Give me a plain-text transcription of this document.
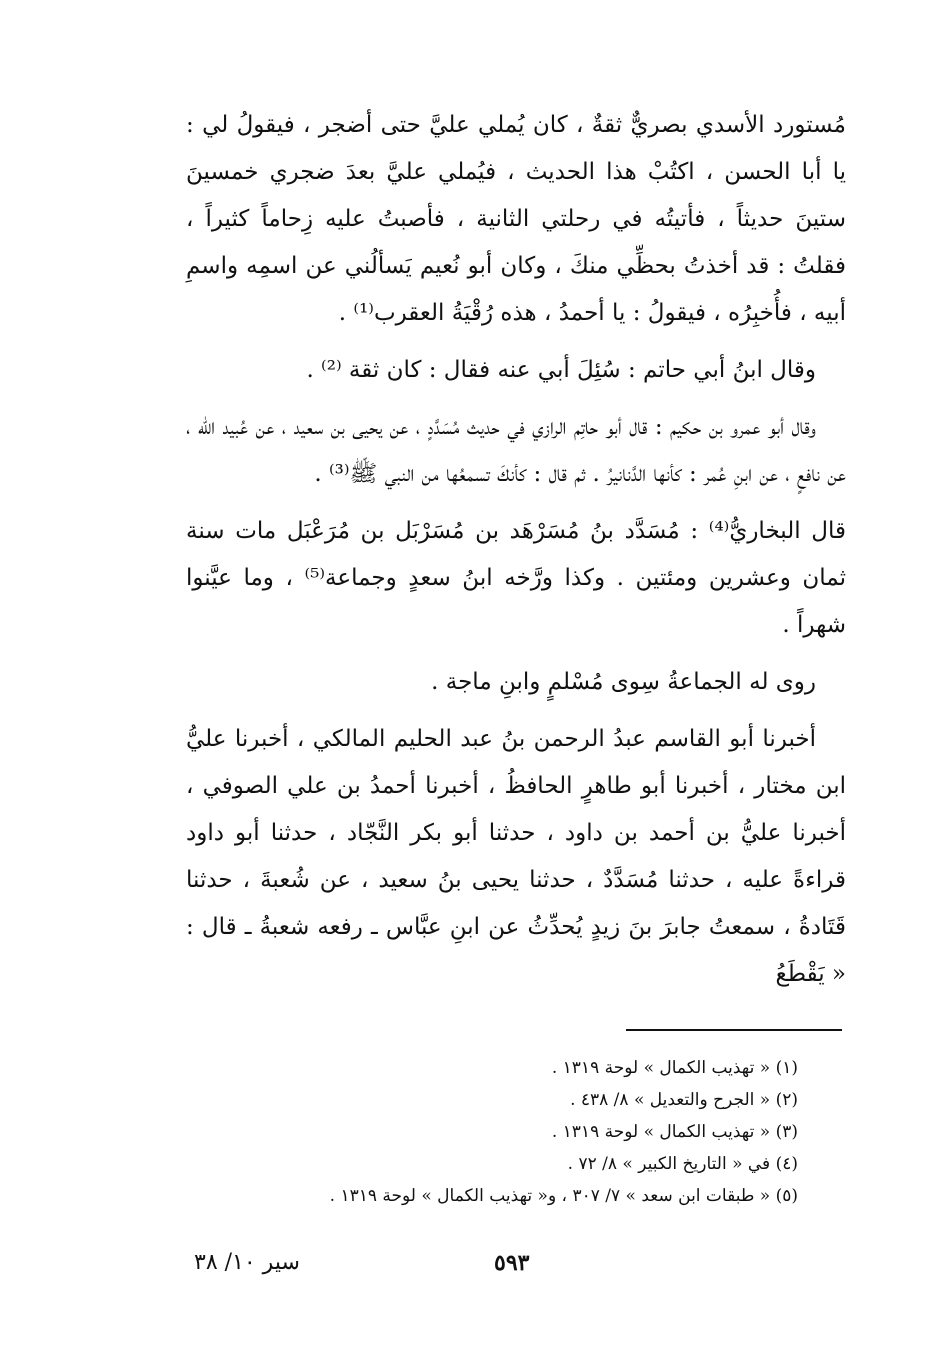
مُستورد الأسدي بصريٌّ ثقةٌ ، كان يُملي عليَّ حتى أضجر ، فيقولُ لي : يا أبا الحسن ، اكتُبْ هذا الحديث ، فيُملي عليَّ بعدَ ضجري خمسينَ ستينَ حديثاً ، فأتيتُه في رحلتي الثانية ، فأصبتُ عليه زِحاماً كثيراً ، فقلتُ : قد أخذتُ بحظِّي منكَ ، وكان أبو نُعيم يَسألُني عن اسمِه واسمِ أبيه ، فأُخبِرُه ، فيقولُ : يا أحمدُ ، هذه رُقْيَةُ العقرب⁽¹⁾ .

وقال ابنُ أبي حاتم : سُئِلَ أبي عنه فقال : كان ثقة ⁽²⁾ .

وقال أبو عمرو بن حكيم : قال أبو حاتِم الرازي في حديث مُسَدَّدٍ ، عن يحيى بن سعيد ، عن عُبيد الله ، عن نافعٍ ، عن ابنِ عُمر : كأنها الدَّنانيرُ . ثم قال : كأنكَ تسمعُها من النبي ﷺ⁽³⁾ .

قال البخاريُّ⁽⁴⁾ : مُسَدَّد بنُ مُسَرْهَد بن مُسَرْبَل بن مُرَعْبَل مات سنة ثمان وعشرين ومئتين . وكذا ورَّخه ابنُ سعدٍ وجماعة⁽⁵⁾ ، وما عيَّنوا شهراً .

روى له الجماعةُ سِوى مُسْلمٍ وابنِ ماجة .

أخبرنا أبو القاسم عبدُ الرحمن بنُ عبد الحليم المالكي ، أخبرنا عليُّ ابن مختار ، أخبرنا أبو طاهرٍ الحافظُ ، أخبرنا أحمدُ بن علي الصوفي ، أخبرنا عليُّ بن أحمد بن داود ، حدثنا أبو بكر النَّجّاد ، حدثنا أبو داود قراءةً عليه ، حدثنا مُسَدَّدٌ ، حدثنا يحيى بنُ سعيد ، عن شُعبةَ ، حدثنا قَتَادةُ ، سمعتُ جابرَ بنَ زيدٍ يُحدِّثُ عن ابنِ عبَّاس ـ رفعه شعبةُ ـ قال : « يَقْطَعُ

(١) « تهذيب الكمال » لوحة ١٣١٩ .
(٢) « الجرح والتعديل » ٨/ ٤٣٨ .
(٣) « تهذيب الكمال » لوحة ١٣١٩ .
(٤) في « التاريخ الكبير » ٨/ ٧٢ .
(٥) « طبقات ابن سعد » ٧/ ٣٠٧ ، و« تهذيب الكمال » لوحة ١٣١٩ .
٥٩٣
سير ١٠/ ٣٨
